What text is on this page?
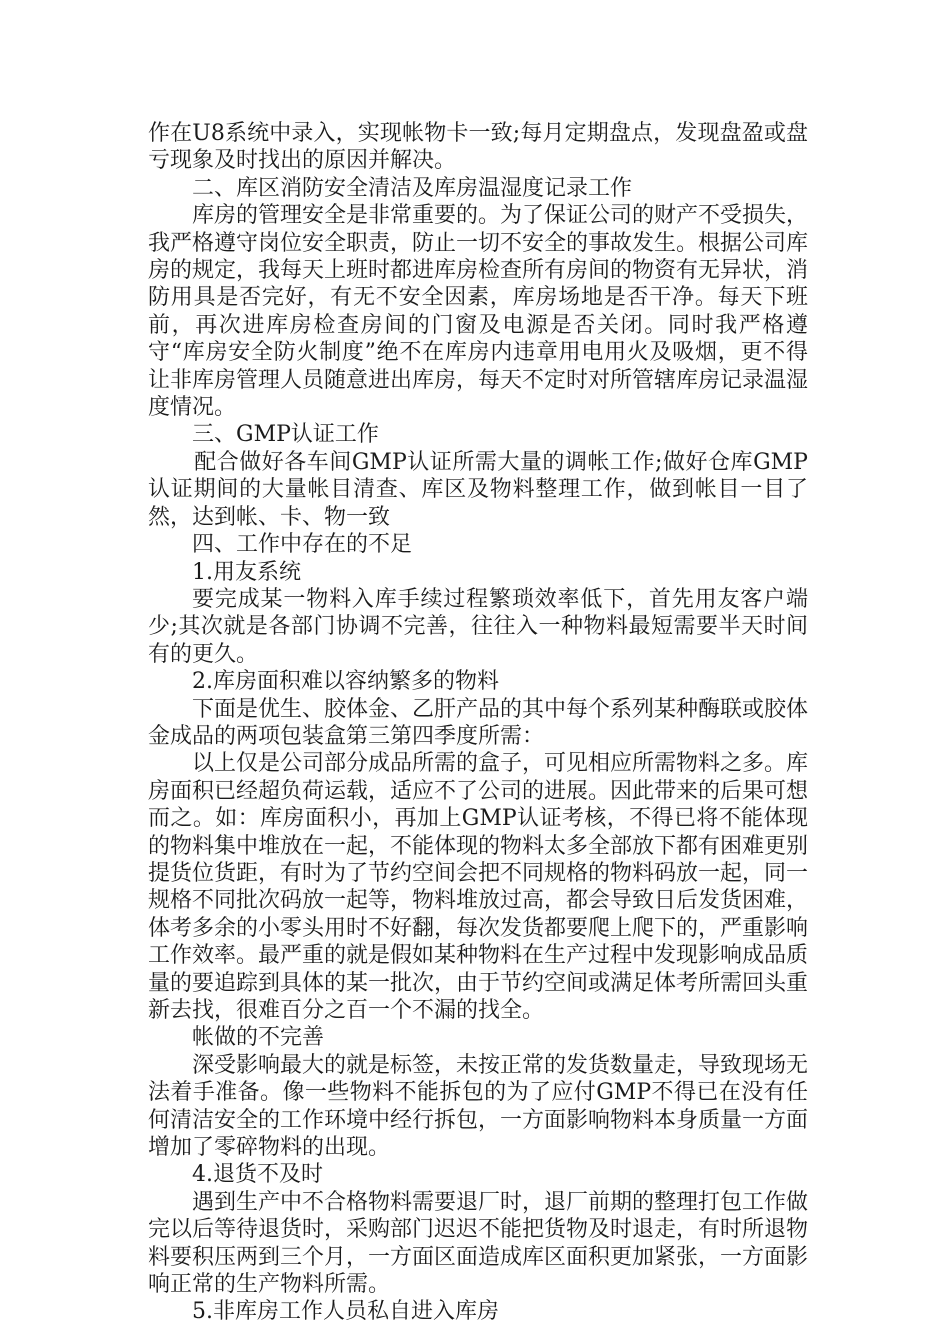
作在U8系统中录入，实现帐物卡一致;每月定期盘点，发现盘盈或盘亏现象及时找出的原因并解决。

二、库区消防安全清洁及库房温湿度记录工作

库房的管理安全是非常重要的。为了保证公司的财产不受损失，我严格遵守岗位安全职责，防止一切不安全的事故发生。根据公司库房的规定，我每天上班时都进库房检查所有房间的物资有无异状，消防用具是否完好，有无不安全因素，库房场地是否干净。每天下班前，再次进库房检查房间的门窗及电源是否关闭。同时我严格遵守“库房安全防火制度”绝不在库房内违章用电用火及吸烟，更不得让非库房管理人员随意进出库房，每天不定时对所管辖库房记录温湿度情况。

三、GMP认证工作

配合做好各车间GMP认证所需大量的调帐工作;做好仓库GMP认证期间的大量帐目清查、库区及物料整理工作，做到帐目一目了然，达到帐、卡、物一致

四、工作中存在的不足

1.用友系统

要完成某一物料入库手续过程繁琐效率低下，首先用友客户端少;其次就是各部门协调不完善，往往入一种物料最短需要半天时间有的更久。

2.库房面积难以容纳繁多的物料

下面是优生、胶体金、乙肝产品的其中每个系列某种酶联或胶体金成品的两项包装盒第三第四季度所需：

以上仅是公司部分成品所需的盒子，可见相应所需物料之多。库房面积已经超负荷运载，适应不了公司的进展。因此带来的后果可想而之。如：库房面积小，再加上GMP认证考核，不得已将不能体现的物料集中堆放在一起，不能体现的物料太多全部放下都有困难更别提货位货距，有时为了节约空间会把不同规格的物料码放一起，同一规格不同批次码放一起等，物料堆放过高，都会导致日后发货困难，体考多余的小零头用时不好翻，每次发货都要爬上爬下的，严重影响工作效率。最严重的就是假如某种物料在生产过程中发现影响成品质量的要追踪到具体的某一批次，由于节约空间或满足体考所需回头重新去找，很难百分之百一个不漏的找全。

帐做的不完善

深受影响最大的就是标签，未按正常的发货数量走，导致现场无法着手准备。像一些物料不能拆包的为了应付GMP不得已在没有任何清洁安全的工作环境中经行拆包，一方面影响物料本身质量一方面增加了零碎物料的出现。

4.退货不及时

遇到生产中不合格物料需要退厂时，退厂前期的整理打包工作做完以后等待退货时，采购部门迟迟不能把货物及时退走，有时所退物料要积压两到三个月，一方面区面造成库区面积更加紧张，一方面影响正常的生产物料所需。

5.非库房工作人员私自进入库房
